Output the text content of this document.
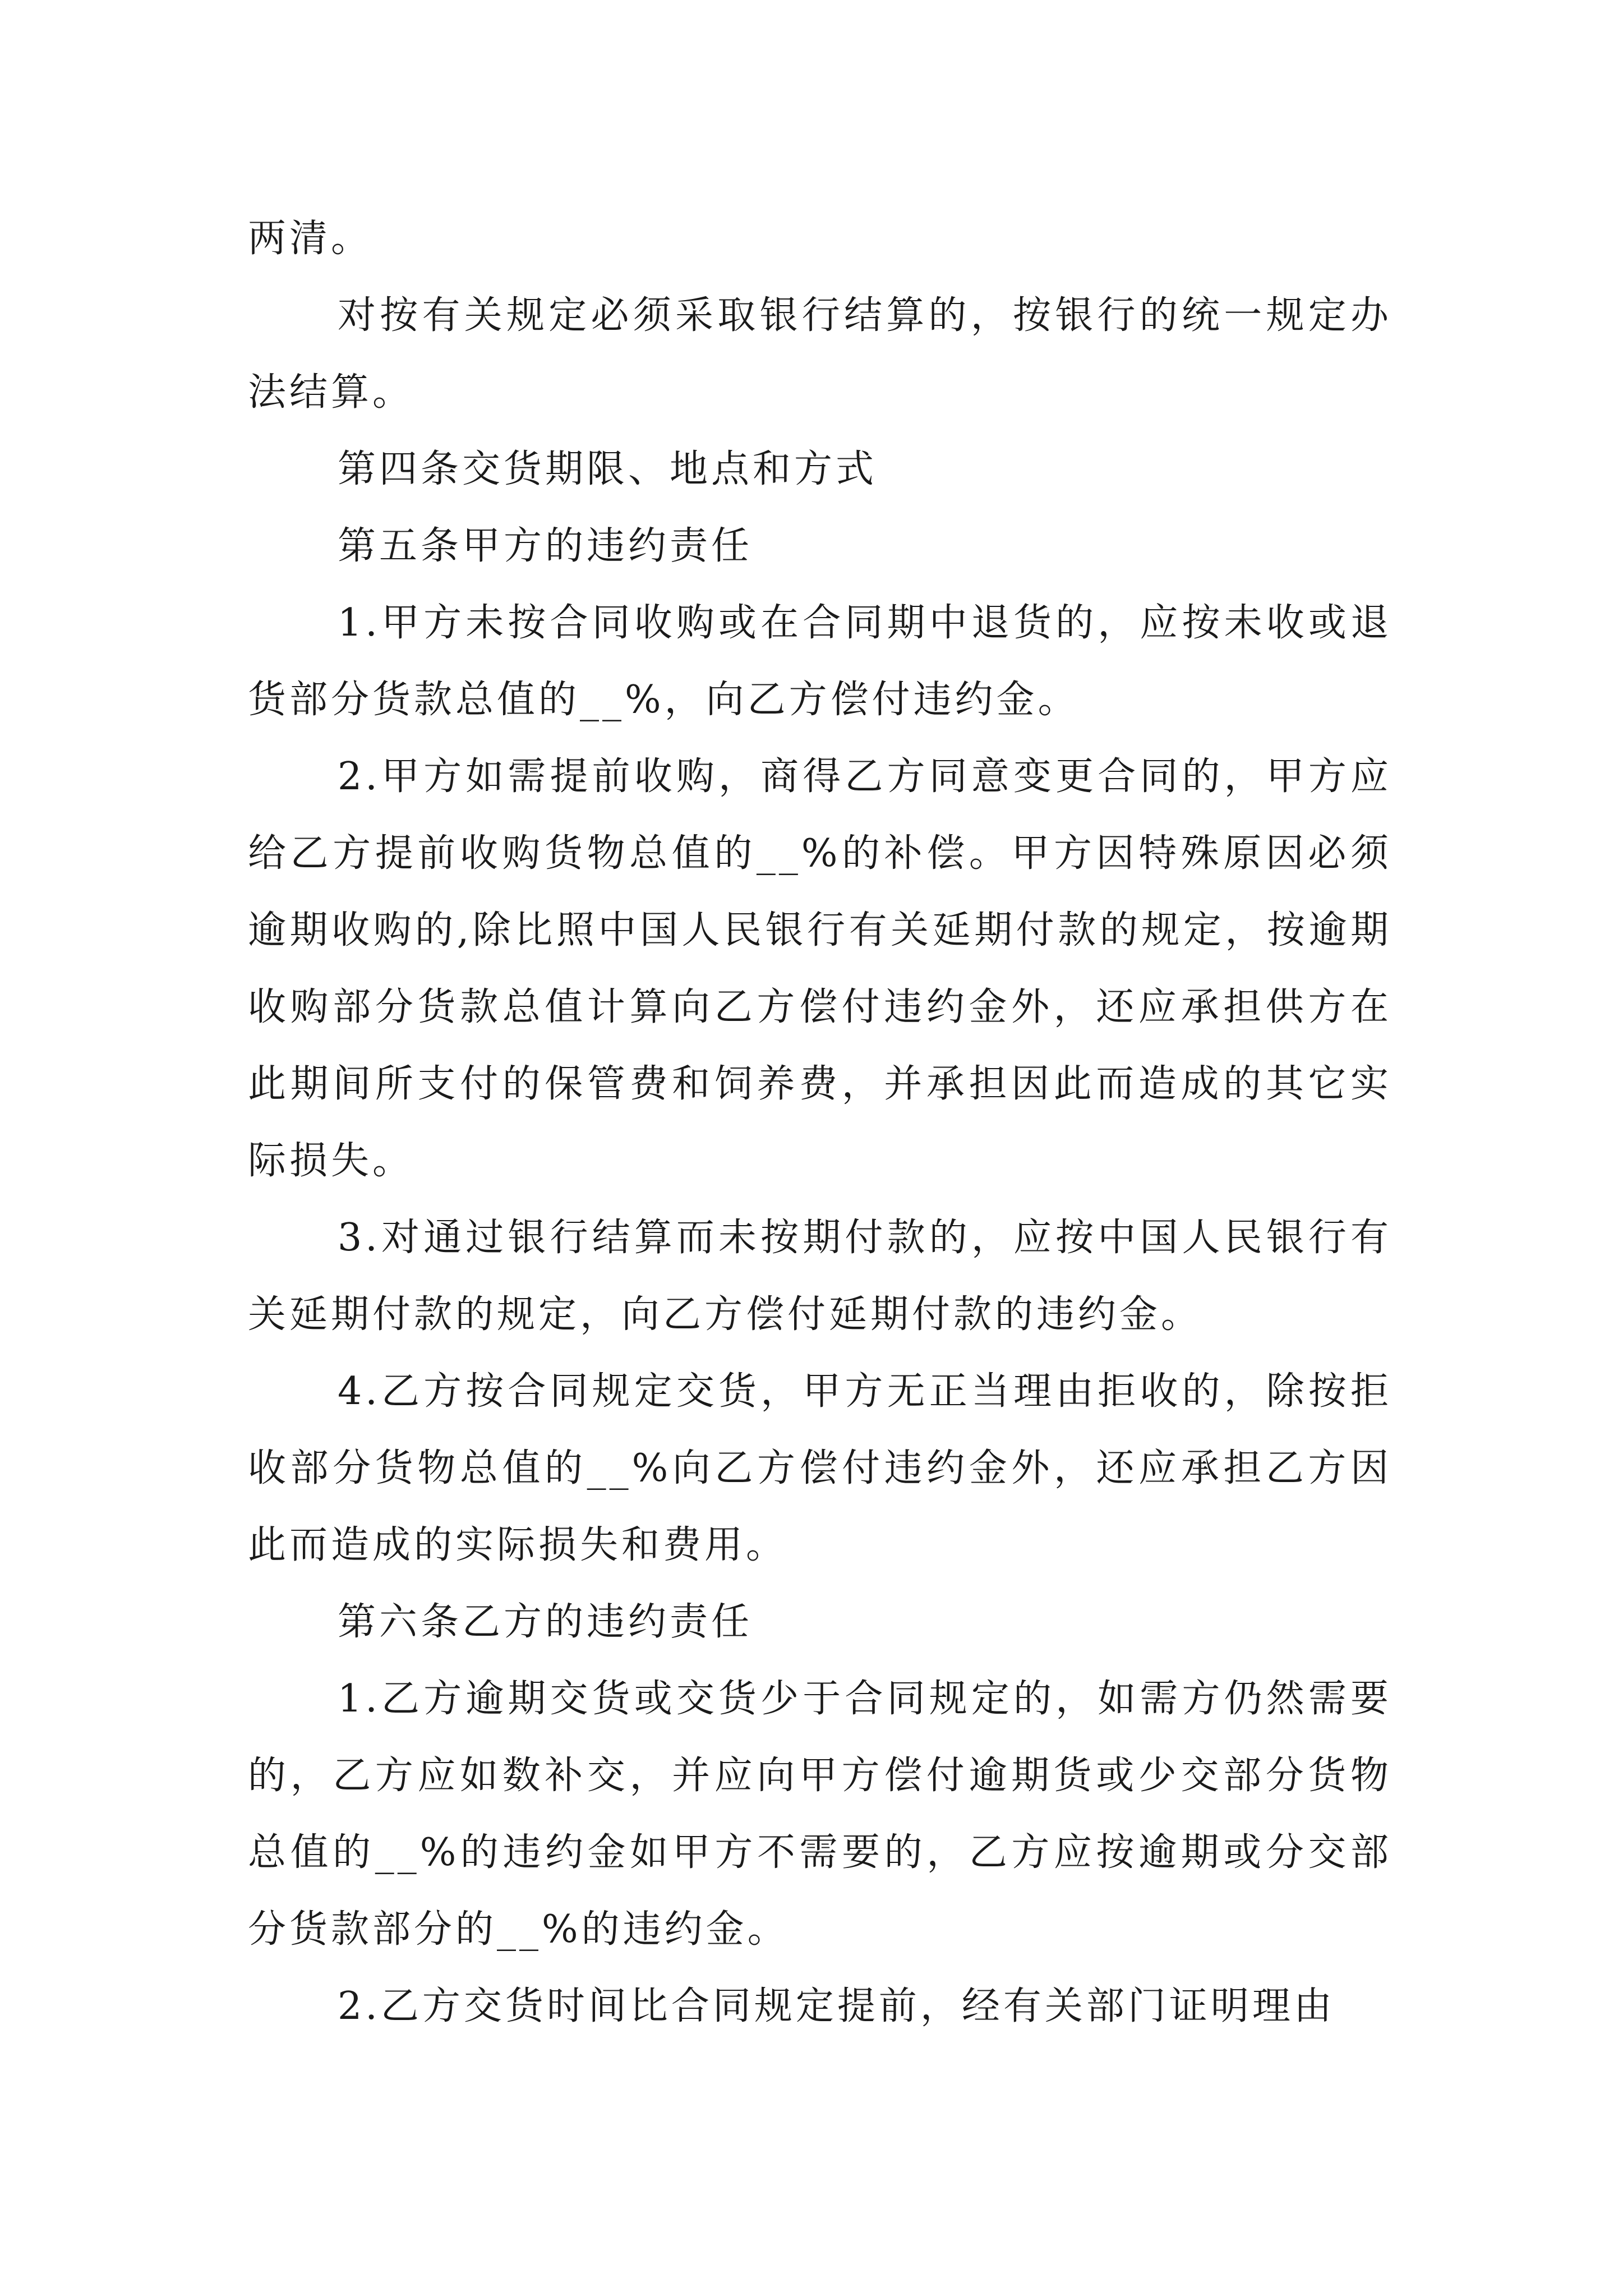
两清。

对按有关规定必须采取银行结算的，按银行的统一规定办法结算。

第四条交货期限、地点和方式

第五条甲方的违约责任

1.甲方未按合同收购或在合同期中退货的，应按未收或退货部分货款总值的__%，向乙方偿付违约金。

2.甲方如需提前收购，商得乙方同意变更合同的，甲方应给乙方提前收购货物总值的__%的补偿。甲方因特殊原因必须逾期收购的,除比照中国人民银行有关延期付款的规定，按逾期收购部分货款总值计算向乙方偿付违约金外，还应承担供方在此期间所支付的保管费和饲养费，并承担因此而造成的其它实际损失。

3.对通过银行结算而未按期付款的，应按中国人民银行有关延期付款的规定，向乙方偿付延期付款的违约金。

4.乙方按合同规定交货，甲方无正当理由拒收的，除按拒收部分货物总值的__%向乙方偿付违约金外，还应承担乙方因此而造成的实际损失和费用。

第六条乙方的违约责任

1.乙方逾期交货或交货少于合同规定的，如需方仍然需要的，乙方应如数补交，并应向甲方偿付逾期货或少交部分货物总值的__%的违约金如甲方不需要的，乙方应按逾期或分交部分货款部分的__%的违约金。

2.乙方交货时间比合同规定提前，经有关部门证明理由
